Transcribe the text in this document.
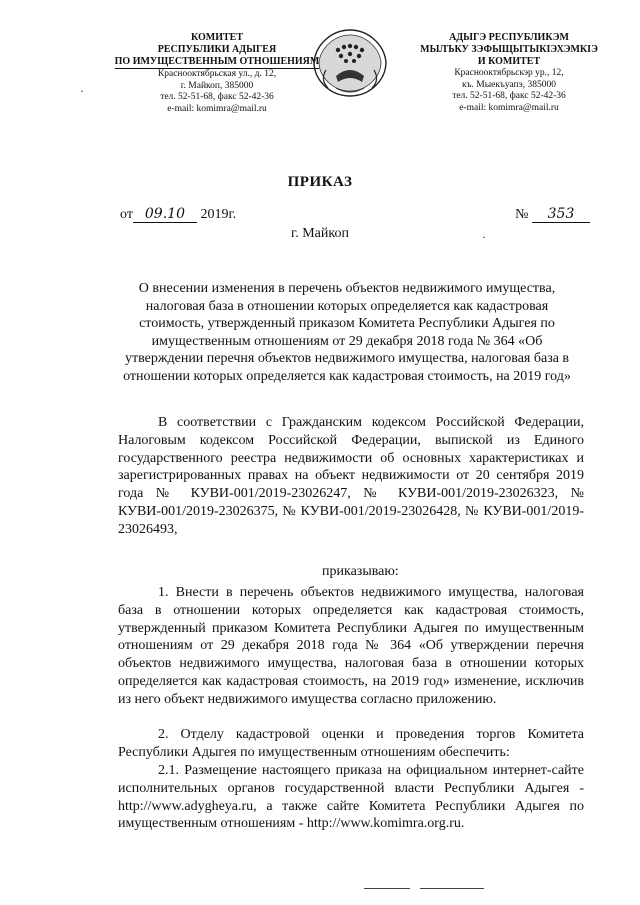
·
КОМИТЕТ
РЕСПУБЛИКИ АДЫГЕЯ
ПО ИМУЩЕСТВЕННЫМ ОТНОШЕНИЯМ
Краснооктябрьская ул., д. 12,
г. Майкоп, 385000
тел. 52-51-68, факс 52-42-36
e-mail: komimra@mail.ru
АДЫГЭ РЕСПУБЛИКЭМ
МЫЛЪКУ ЗЭФЫЩЫТЫКІЭХЭМКІЭ
И КОМИТЕТ
Краснооктябрьскэр ур., 12,
къ. Мыекъуапэ, 385000
тел. 52-51-68, факс 52-42-36
e-mail: komimra@mail.ru
ПРИКАЗ
от 09.10 2019г.	№ 353
г. Майкоп	·
О внесении изменения в перечень объектов недвижимого имущества, налоговая база в отношении которых определяется как кадастровая стоимость, утвержденный приказом Комитета Республики Адыгея по имущественным отношениям от 29 декабря 2018 года № 364 «Об утверждении перечня объектов недвижимого имущества, налоговая база в отношении которых определяется как кадастровая стоимость, на 2019 год»

В соответствии с Гражданским кодексом Российской Федерации, Налоговым кодексом Российской Федерации, выпиской из Единого государственного реестра недвижимости об основных характеристиках и зарегистрированных правах на объект недвижимости от 20 сентября 2019 года № КУВИ-001/2019-23026247, № КУВИ-001/2019-23026323, № КУВИ-001/2019-23026375, № КУВИ-001/2019-23026428, № КУВИ-001/2019-23026493,

приказываю:

1. Внести в перечень объектов недвижимого имущества, налоговая база в отношении которых определяется как кадастровая стоимость, утвержденный приказом Комитета Республики Адыгея по имущественным отношениям от 29 декабря 2018 года № 364 «Об утверждении перечня объектов недвижимого имущества, налоговая база в отношении которых определяется как кадастровая стоимость, на 2019 год» изменение, исключив из него объект недвижимого имущества согласно приложению.

2. Отделу кадастровой оценки и проведения торгов Комитета Республики Адыгея по имущественным отношениям обеспечить:

2.1. Размещение настоящего приказа на официальном интернет-сайте исполнительных органов государственной власти Республики Адыгея - http://www.adygheya.ru, а также сайте Комитета Республики Адыгея по имущественным отношениям - http://www.komimra.org.ru.
